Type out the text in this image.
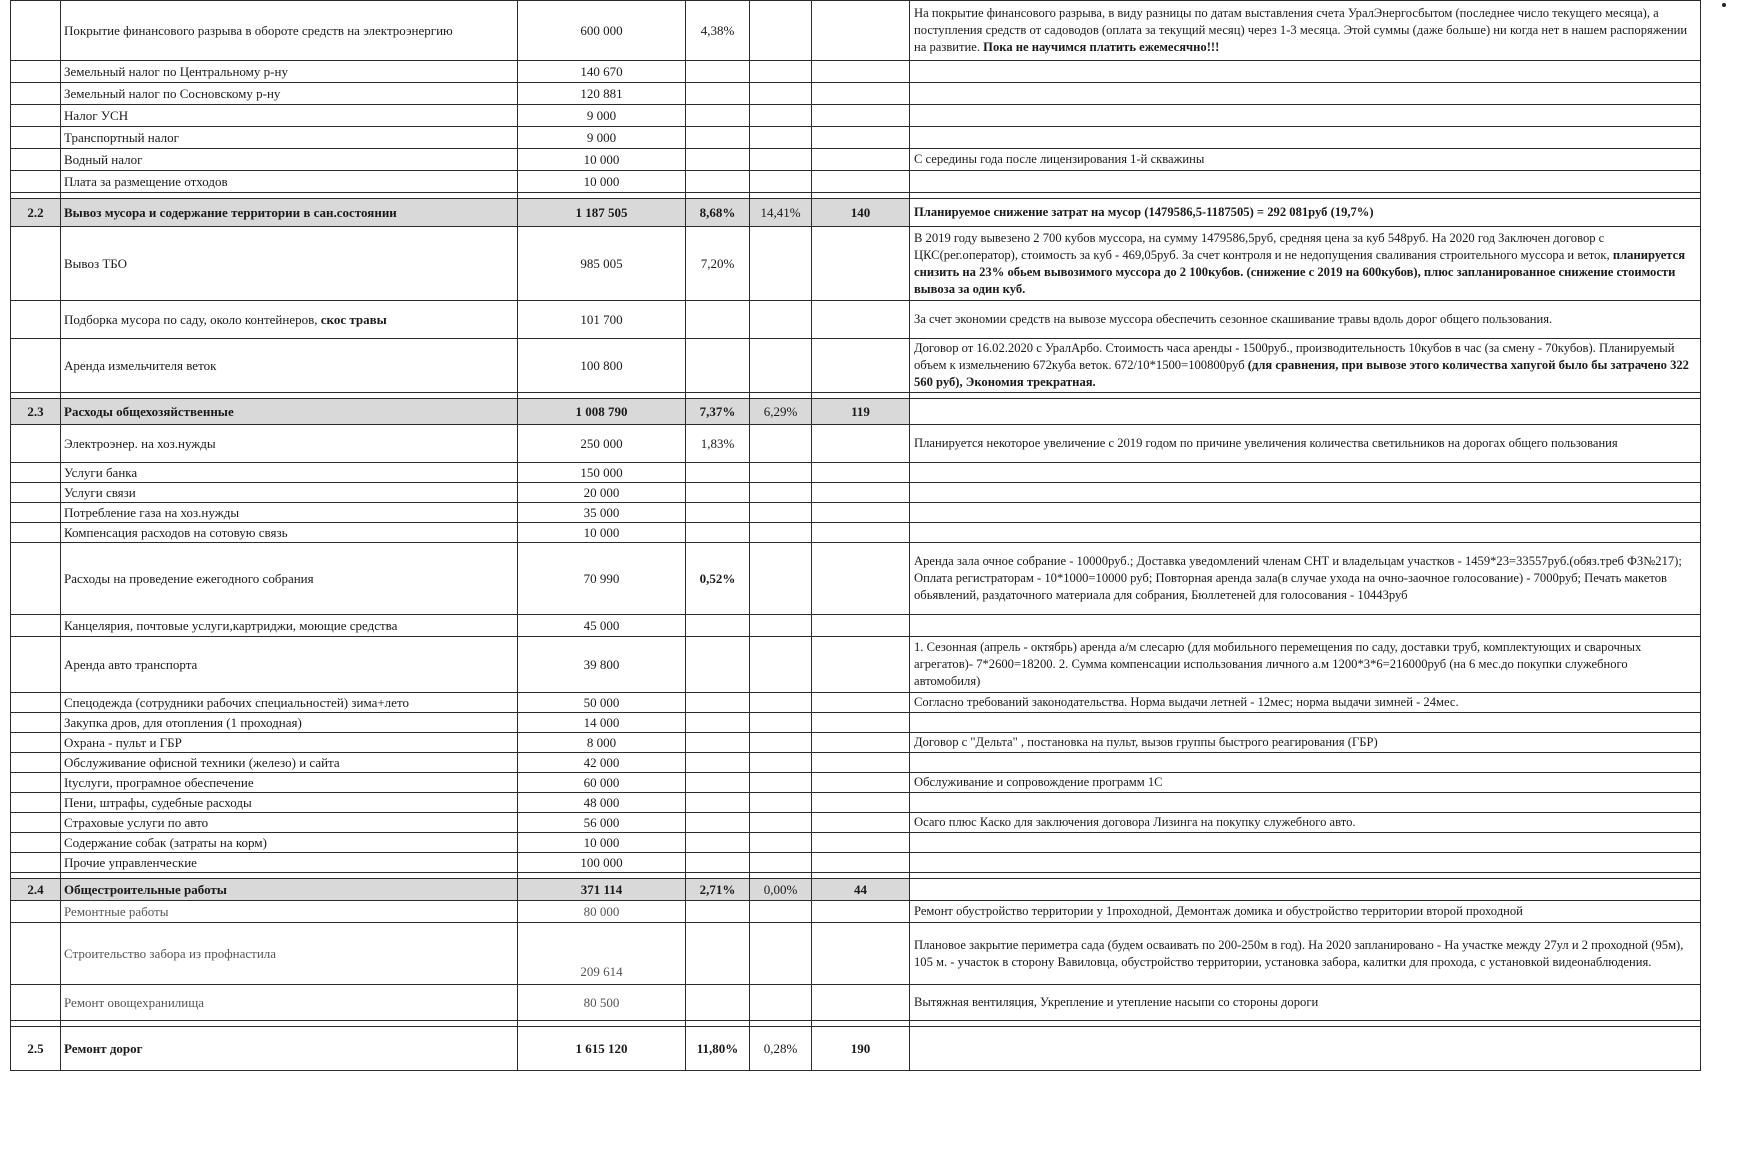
	Покрытие финансового разрыва в обороте средств на электроэнергию	600 000	4,38%			На покрытие финансового разрыва, в виду разницы по датам выставления счета УралЭнергосбытом (последнее число текущего месяца), а поступления средств от садоводов (оплата за текущий месяц) через 1-3 месяца. Этой суммы (даже больше) ни когда нет в нашем распоряжении на развитие. Пока не научимся платить ежемесячно!!!
	Земельный налог по Центральному р-ну	140 670				
	Земельный налог по Сосновскому р-ну	120 881				
	Налог УСН	9 000				
	Транспортный налог	9 000				
	Водный налог	10 000				С середины года после лицензирования 1-й скважины
	Плата за размещение отходов	10 000				

2.2	Вывоз мусора и содержание территории в сан.состоянии	1 187 505	8,68%	14,41%	140	Планируемое снижение затрат на мусор (1479586,5-1187505) = 292 081руб (19,7%)
	Вывоз ТБО	985 005	7,20%			В 2019 году вывезено 2 700 кубов муссора, на сумму 1479586,5руб, средняя цена за куб 548руб. На 2020 год Заключен договор с ЦКС(рег.оператор), стоимость за куб - 469,05руб. За счет контроля и не недопущения сваливания строительного муссора и веток, планируется снизить на 23% обьем вывозимого муссора до 2 100кубов. (снижение с 2019 на 600кубов), плюс запланированное снижение стоимости вывоза за один куб.
	Подборка мусора по саду, около контейнеров, скос травы	101 700				За счет экономии средств на вывозе муссора обеспечить сезонное скашивание травы вдоль дорог общего пользования.
	Аренда измельчителя веток	100 800				Договор от 16.02.2020 с УралАрбо. Стоимость часа аренды - 1500руб., производительность 10кубов в час (за смену - 70кубов). Планируемый объем к измельчению 672куба веток. 672/10*1500=100800руб (для сравнения, при вывозе этого количества хапугой было бы затрачено 322 560 руб), Экономия трекратная.

2.3	Расходы общехозяйственные	1 008 790	7,37%	6,29%	119	
	Электроэнер. на хоз.нужды	250 000	1,83%			Планируется некоторое увеличение с 2019 годом по причине увеличения количества светильников на дорогах общего пользования
	Услуги банка	150 000				
	Услуги связи	20 000				
	Потребление газа на хоз.нужды	35 000				
	Компенсация расходов на сотовую связь	10 000				
	Расходы на проведение ежегодного собрания	70 990	0,52%			Аренда зала очное собрание - 10000руб.; Доставка уведомлений членам СНТ и владельцам участков - 1459*23=33557руб.(обяз.треб ФЗ№217); Оплата регистраторам - 10*1000=10000 руб; Повторная аренда зала(в случае ухода на очно-заочное голосование) - 7000руб; Печать макетов обьявлений, раздаточного материала для собрания, Бюллетеней для голосования - 10443руб
	Канцелярия, почтовые услуги,картриджи, моющие средства	45 000				
	Аренда авто транспорта	39 800				1. Сезонная (апрель - октябрь) аренда а/м слесарю (для мобильного перемещения по саду, доставки труб, комплектующих и сварочных агрегатов)- 7*2600=18200. 2. Сумма компенсации использования личного а.м 1200*3*6=216000руб (на 6 мес.до покупки служебного автомобиля)
	Спецодежда (сотрудники рабочих специальностей) зима+лето	50 000				Согласно требований законодательства. Норма выдачи летней - 12мес; норма выдачи зимней - 24мес.
	Закупка дров, для отопления (1 проходная)	14 000				
	Охрана - пульт и ГБР	8 000				Договор с "Дельта" , постановка на пульт, вызов группы быстрого реагирования (ГБР)
	Обслуживание офисной техники (железо) и сайта	42 000				
	Itуслуги, програмное обеспечение	60 000				Обслуживание и сопровождение программ 1С
	Пени, штрафы, судебные расходы	48 000				
	Страховые услуги по авто	56 000				Осаго плюс Каско для заключения договора Лизинга на покупку служебного авто.
	Содержание собак (затраты на корм)	10 000				
	Прочие управленческие	100 000				

2.4	Общестроительные работы	371 114	2,71%	0,00%	44	
	Ремонтные работы	80 000				Ремонт обустройство территории у 1проходной, Демонтаж домика и обустройство территории второй проходной
	Строительство забора из профнастила	209 614				Плановое закрытие периметра сада (будем осваивать по 200-250м в год). На 2020 запланировано - На участке между 27ул и 2 проходной (95м), 105 м. - участок в сторону Вавиловца, обустройство территории, установка забора, калитки для прохода, с установкой видеонаблюдения.
	Ремонт овощехранилища	80 500				Вытяжная вентиляция, Укрепление и утепление насыпи со стороны дороги

2.5	Ремонт дорог	1 615 120	11,80%	0,28%	190	
